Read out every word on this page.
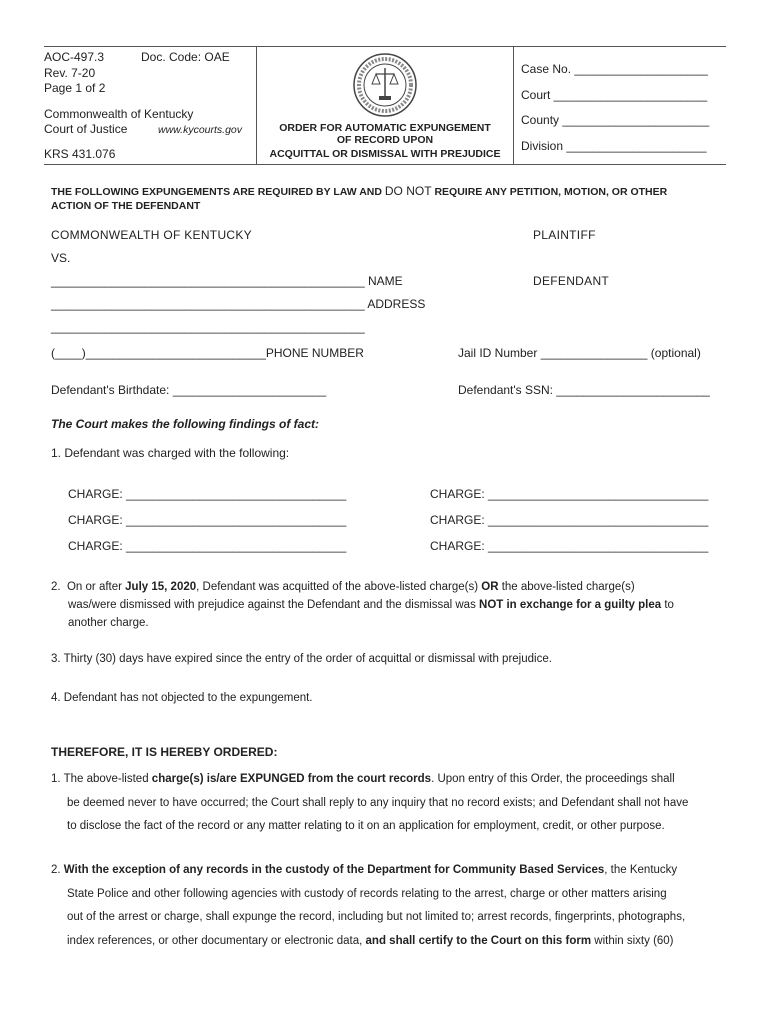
AOC-497.3	Doc. Code: OAE
Rev. 7-20
Page 1 of 2
Commonwealth of Kentucky
Court of Justice	www.kycourts.gov
KRS 431.076
ORDER FOR AUTOMATIC EXPUNGEMENT
OF RECORD UPON
ACQUITTAL OR DISMISSAL WITH PREJUDICE
Case No. ____________________
Court _______________________
County ______________________
Division _____________________
THE FOLLOWING EXPUNGEMENTS ARE REQUIRED BY LAW AND DO NOT REQUIRE ANY PETITION, MOTION, OR OTHER
ACTION OF THE DEFENDANT
COMMONWEALTH OF KENTUCKY	PLAINTIFF
VS.
_______________________________________________ NAME	DEFENDANT
_______________________________________________ ADDRESS
_______________________________________________
(____)___________________________PHONE NUMBER	Jail ID Number ________________ (optional)
Defendant's Birthdate: _______________________	Defendant's SSN: _______________________
The Court makes the following findings of fact:
1. Defendant was charged with the following:
CHARGE: _________________________________	CHARGE: _________________________________
CHARGE: _________________________________	CHARGE: _________________________________
CHARGE: _________________________________	CHARGE: _________________________________
2. On or after July 15, 2020, Defendant was acquitted of the above-listed charge(s) OR the above-listed charge(s)
was/were dismissed with prejudice against the Defendant and the dismissal was NOT in exchange for a guilty plea to
another charge.
3. Thirty (30) days have expired since the entry of the order of acquittal or dismissal with prejudice.
4. Defendant has not objected to the expungement.
THEREFORE, IT IS HEREBY ORDERED:
1. The above-listed charge(s) is/are EXPUNGED from the court records. Upon entry of this Order, the proceedings shall
be deemed never to have occurred; the Court shall reply to any inquiry that no record exists; and Defendant shall not have
to disclose the fact of the record or any matter relating to it on an application for employment, credit, or other purpose.
2. With the exception of any records in the custody of the Department for Community Based Services, the Kentucky
State Police and other following agencies with custody of records relating to the arrest, charge or other matters arising
out of the arrest or charge, shall expunge the record, including but not limited to; arrest records, fingerprints, photographs,
index references, or other documentary or electronic data, and shall certify to the Court on this form within sixty (60)
